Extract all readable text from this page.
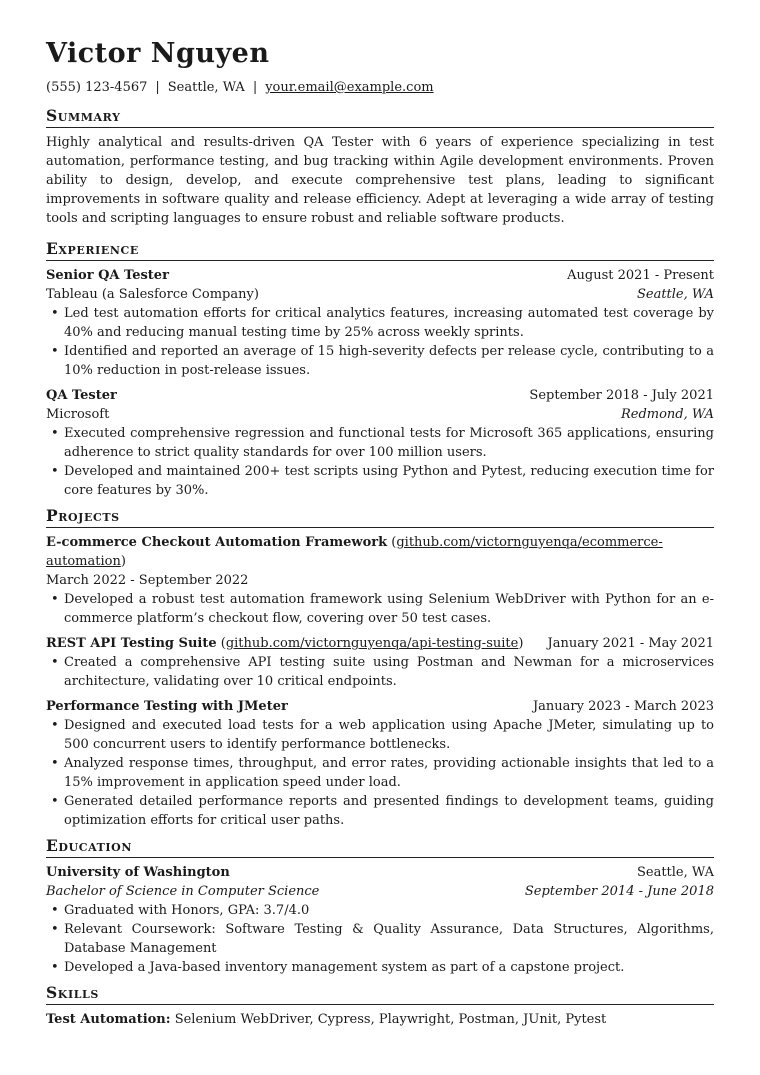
Victor Nguyen
(555) 123-4567 | Seattle, WA | your.email@example.com
Summary
Highly analytical and results-driven QA Tester with 6 years of experience specializing in test automation, performance testing, and bug tracking within Agile development environments. Proven ability to design, develop, and execute comprehensive test plans, leading to significant improvements in software quality and release efficiency. Adept at leveraging a wide array of testing tools and scripting languages to ensure robust and reliable software products.
Experience
Senior QA Tester	August 2021 - Present
Tableau (a Salesforce Company)	Seattle, WA
• Led test automation efforts for critical analytics features, increasing automated test coverage by 40% and reducing manual testing time by 25% across weekly sprints.
• Identified and reported an average of 15 high-severity defects per release cycle, contributing to a 10% reduction in post-release issues.
QA Tester	September 2018 - July 2021
Microsoft	Redmond, WA
• Executed comprehensive regression and functional tests for Microsoft 365 applications, ensuring adherence to strict quality standards for over 100 million users.
• Developed and maintained 200+ test scripts using Python and Pytest, reducing execution time for core features by 30%.
Projects
E-commerce Checkout Automation Framework (github.com/victornguyenqa/ecommerce-automation)
March 2022 - September 2022
• Developed a robust test automation framework using Selenium WebDriver with Python for an e-commerce platform’s checkout flow, covering over 50 test cases.
REST API Testing Suite (github.com/victornguyenqa/api-testing-suite) January 2021 - May 2021
• Created a comprehensive API testing suite using Postman and Newman for a microservices architecture, validating over 10 critical endpoints.
Performance Testing with JMeter	January 2023 - March 2023
• Designed and executed load tests for a web application using Apache JMeter, simulating up to 500 concurrent users to identify performance bottlenecks.
• Analyzed response times, throughput, and error rates, providing actionable insights that led to a 15% improvement in application speed under load.
• Generated detailed performance reports and presented findings to development teams, guiding optimization efforts for critical user paths.
Education
University of Washington	Seattle, WA
Bachelor of Science in Computer Science	September 2014 - June 2018
• Graduated with Honors, GPA: 3.7/4.0
• Relevant Coursework: Software Testing & Quality Assurance, Data Structures, Algorithms, Database Management
• Developed a Java-based inventory management system as part of a capstone project.
Skills
Test Automation:
Selenium WebDriver, Cypress, Playwright, Postman, JUnit, Pytest
